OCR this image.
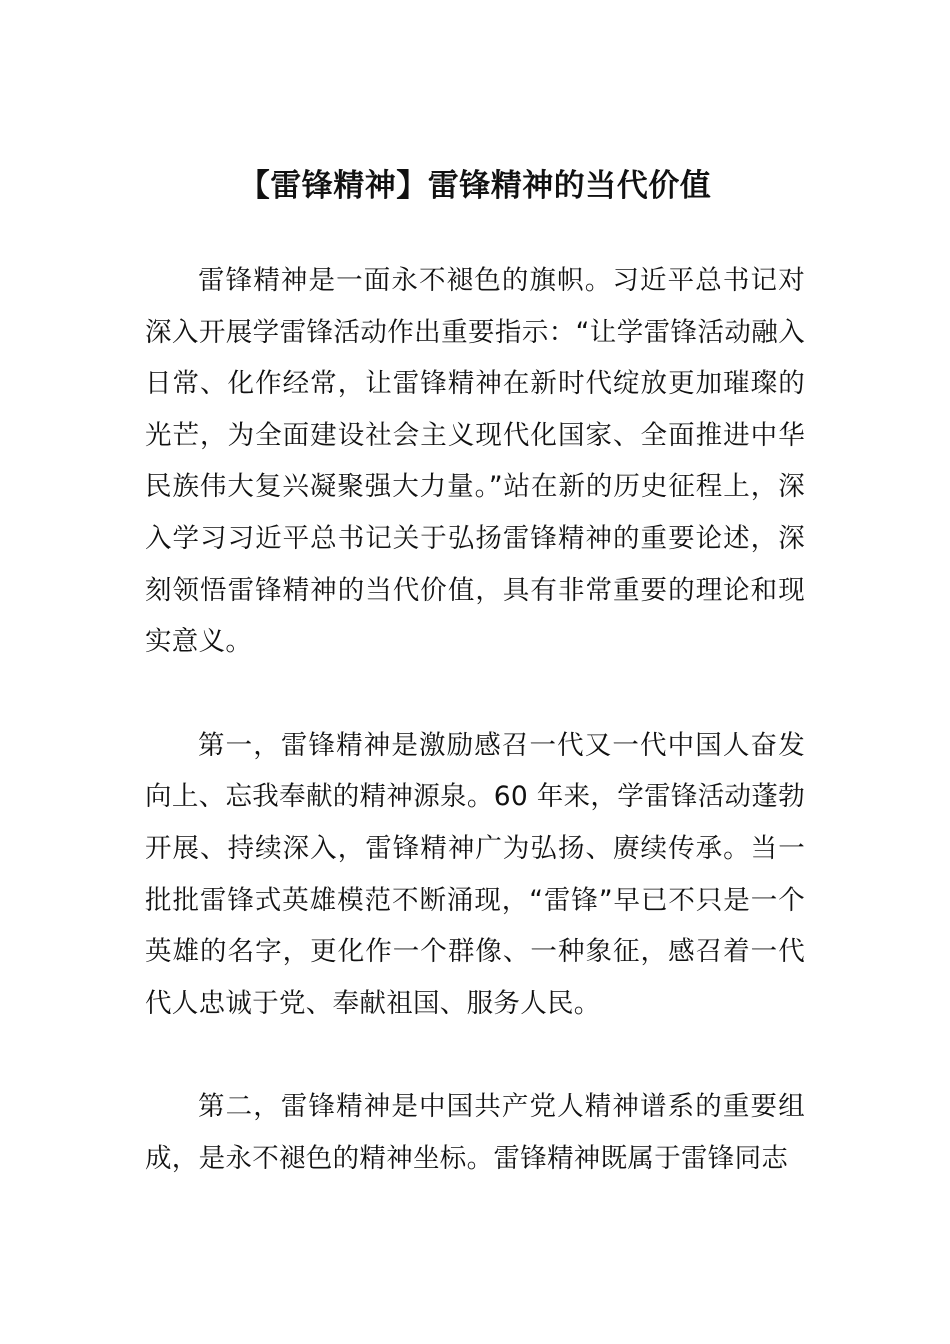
【雷锋精神】雷锋精神的当代价值

雷锋精神是一面永不褪色的旗帜。习近平总书记对深入开展学雷锋活动作出重要指示：“让学雷锋活动融入日常、化作经常，让雷锋精神在新时代绽放更加璀璨的光芒，为全面建设社会主义现代化国家、全面推进中华民族伟大复兴凝聚强大力量。”站在新的历史征程上，深入学习习近平总书记关于弘扬雷锋精神的重要论述，深刻领悟雷锋精神的当代价值，具有非常重要的理论和现实意义。

第一，雷锋精神是激励感召一代又一代中国人奋发向上、忘我奉献的精神源泉。60 年来，学雷锋活动蓬勃开展、持续深入，雷锋精神广为弘扬、赓续传承。当一批批雷锋式英雄模范不断涌现，“雷锋”早已不只是一个英雄的名字，更化作一个群像、一种象征，感召着一代代人忠诚于党、奉献祖国、服务人民。

第二，雷锋精神是中国共产党人精神谱系的重要组成，是永不褪色的精神坐标。雷锋精神既属于雷锋同志
